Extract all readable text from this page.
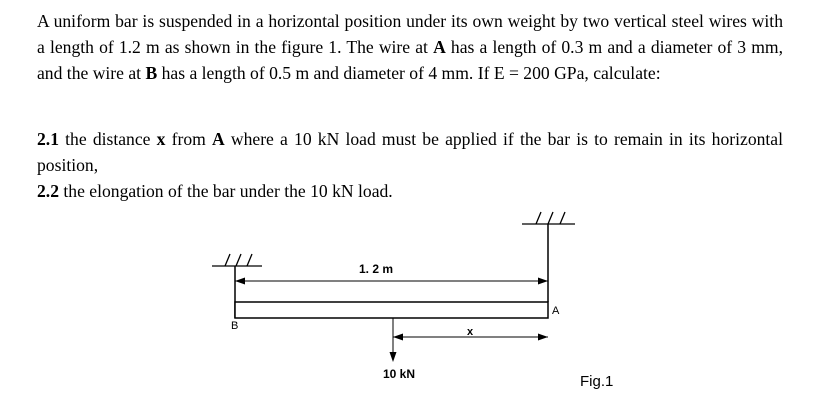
A uniform bar is suspended in a horizontal position under its own weight by two vertical steel wires with a length of 1.2 m as shown in the figure 1. The wire at A has a length of 0.3 m and a diameter of 3 mm, and the wire at B has a length of 0.5 m and diameter of 4 mm. If E = 200 GPa, calculate:

2.1 the distance x from A where a 10 kN load must be applied if the bar is to remain in its horizontal position,
2.2 the elongation of the bar under the 10 kN load.

1. 2 m
A
B	x
10 kN	Fig.1
